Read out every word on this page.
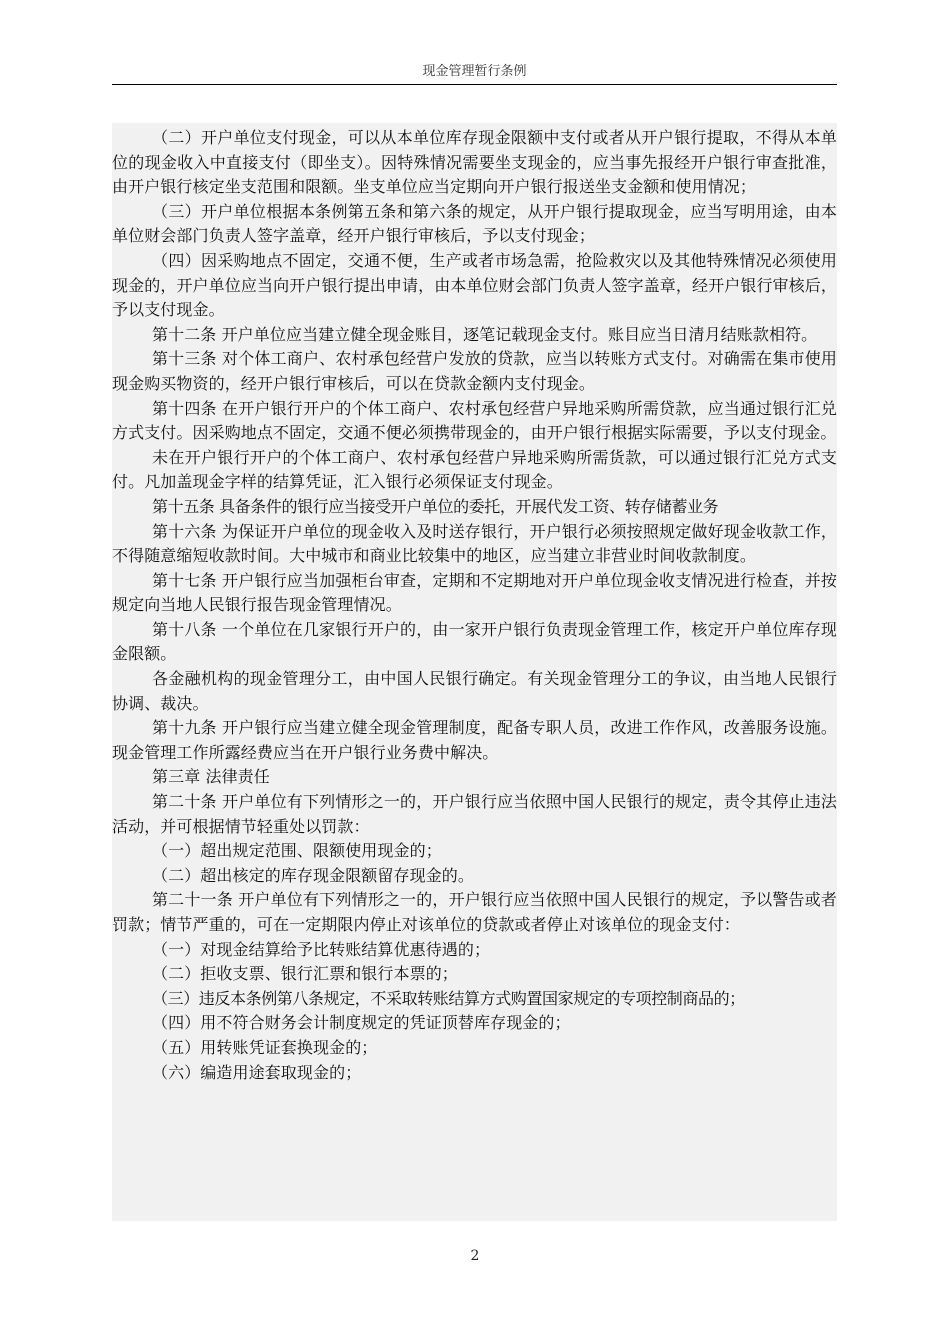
现金管理暂行条例

（二）开户单位支付现金，可以从本单位库存现金限额中支付或者从开户银行提取，不得从本单位的现金收入中直接支付（即坐支）。因特殊情况需要坐支现金的，应当事先报经开户银行审查批准，由开户银行核定坐支范围和限额。坐支单位应当定期向开户银行报送坐支金额和使用情况；

（三）开户单位根据本条例第五条和第六条的规定，从开户银行提取现金，应当写明用途，由本单位财会部门负责人签字盖章，经开户银行审核后，予以支付现金；

（四）因采购地点不固定，交通不便，生产或者市场急需，抢险救灾以及其他特殊情况必须使用现金的，开户单位应当向开户银行提出申请，由本单位财会部门负责人签字盖章，经开户银行审核后，予以支付现金。

第十二条 开户单位应当建立健全现金账目，逐笔记载现金支付。账目应当日清月结账款相符。

第十三条 对个体工商户、农村承包经营户发放的贷款，应当以转账方式支付。对确需在集市使用现金购买物资的，经开户银行审核后，可以在贷款金额内支付现金。

第十四条 在开户银行开户的个体工商户、农村承包经营户异地采购所需贷款，应当通过银行汇兑方式支付。因采购地点不固定，交通不便必须携带现金的，由开户银行根据实际需要，予以支付现金。

未在开户银行开户的个体工商户、农村承包经营户异地采购所需货款，可以通过银行汇兑方式支付。凡加盖现金字样的结算凭证，汇入银行必须保证支付现金。

第十五条 具备条件的银行应当接受开户单位的委托，开展代发工资、转存储蓄业务

第十六条 为保证开户单位的现金收入及时送存银行，开户银行必须按照规定做好现金收款工作，不得随意缩短收款时间。大中城市和商业比较集中的地区，应当建立非营业时间收款制度。

第十七条 开户银行应当加强柜台审查，定期和不定期地对开户单位现金收支情况进行检查，并按规定向当地人民银行报告现金管理情况。

第十八条 一个单位在几家银行开户的，由一家开户银行负责现金管理工作，核定开户单位库存现金限额。

各金融机构的现金管理分工，由中国人民银行确定。有关现金管理分工的争议，由当地人民银行协调、裁决。

第十九条 开户银行应当建立健全现金管理制度，配备专职人员，改进工作作风，改善服务设施。现金管理工作所露经费应当在开户银行业务费中解决。

第三章 法律责任

第二十条 开户单位有下列情形之一的，开户银行应当依照中国人民银行的规定，责令其停止违法活动，并可根据情节轻重处以罚款：

（一）超出规定范围、限额使用现金的；

（二）超出核定的库存现金限额留存现金的。

第二十一条 开户单位有下列情形之一的，开户银行应当依照中国人民银行的规定，予以警告或者罚款；情节严重的，可在一定期限内停止对该单位的贷款或者停止对该单位的现金支付：

（一）对现金结算给予比转账结算优惠待遇的；

（二）拒收支票、银行汇票和银行本票的；

（三）违反本条例第八条规定，不采取转账结算方式购置国家规定的专项控制商品的；

（四）用不符合财务会计制度规定的凭证顶替库存现金的；

（五）用转账凭证套换现金的；

（六）编造用途套取现金的；

2
